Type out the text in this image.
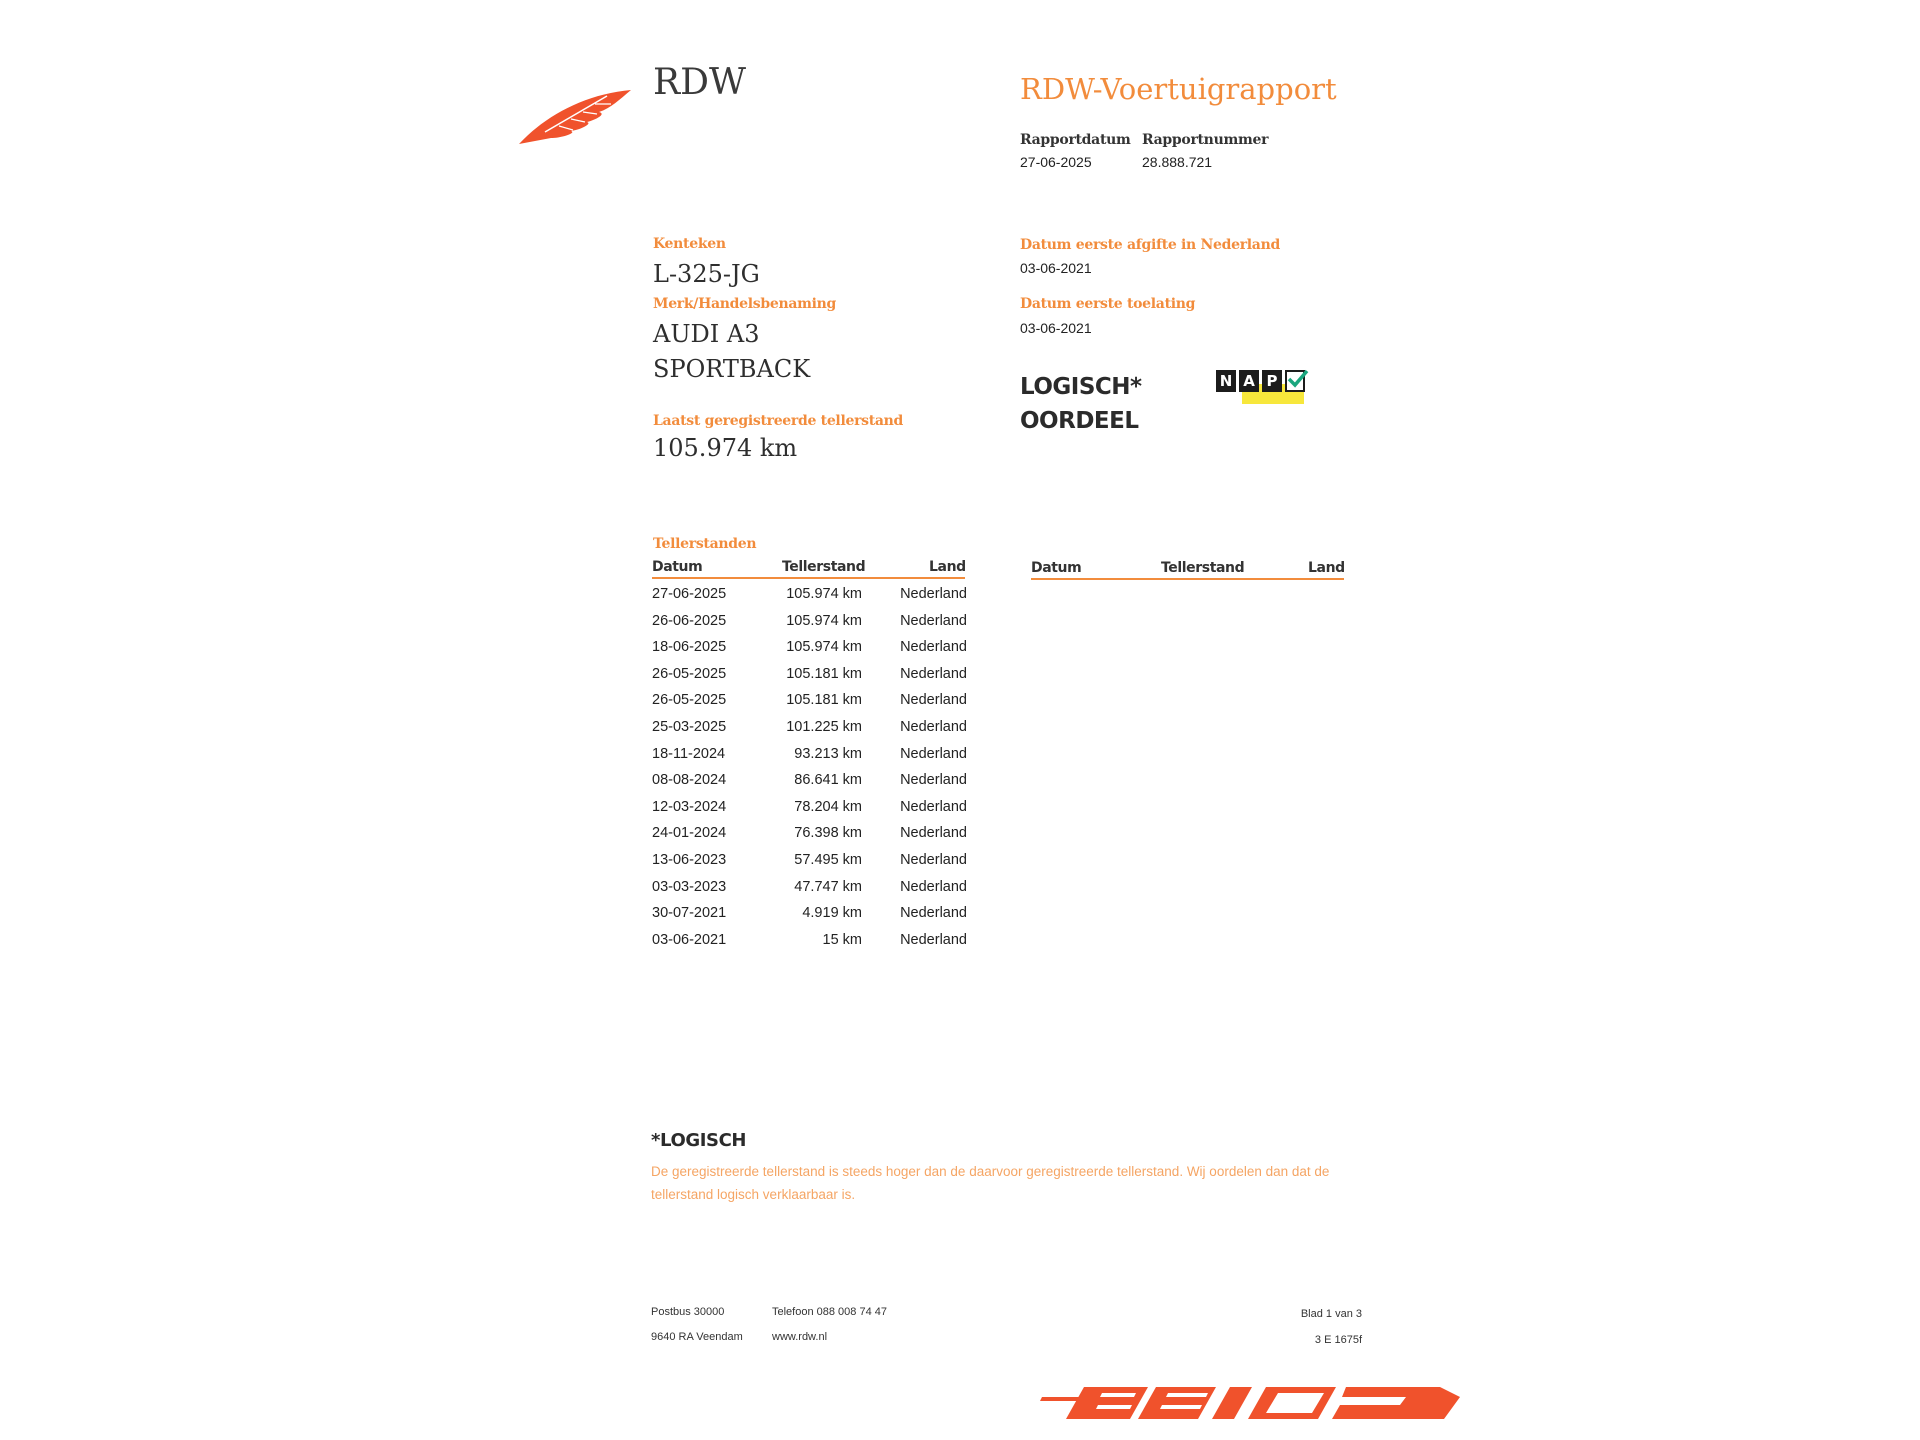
RDW	RDW-Voertuigrapport
Rapportdatum
27-06-2025
Rapportnummer
28.888.721
Kenteken
L-325-JG
Merk/Handelsbenaming
AUDI A3
SPORTBACK
Laatst geregistreerde tellerstand
105.974 km
Datum eerste afgifte in Nederland
03-06-2021
Datum eerste toelating
03-06-2021
LOGISCH*
OORDEEL
N A P
Tellerstanden
Datum	Tellerstand	Land
27-06-2025	105.974 km	Nederland
26-06-2025	105.974 km	Nederland
18-06-2025	105.974 km	Nederland
26-05-2025	105.181 km	Nederland
26-05-2025	105.181 km	Nederland
25-03-2025	101.225 km	Nederland
18-11-2024	93.213 km	Nederland
08-08-2024	86.641 km	Nederland
12-03-2024	78.204 km	Nederland
24-01-2024	76.398 km	Nederland
13-06-2023	57.495 km	Nederland
03-03-2023	47.747 km	Nederland
30-07-2021	4.919 km	Nederland
03-06-2021	15 km	Nederland
Datum	Tellerstand	Land
*LOGISCH
De geregistreerde tellerstand is steeds hoger dan de daarvoor geregistreerde tellerstand. Wij oordelen dan dat de tellerstand logisch verklaarbaar is.
Postbus 30000
9640 RA Veendam
Telefoon 088 008 74 47
www.rdw.nl
Blad 1 van 3
3 E 1675f
